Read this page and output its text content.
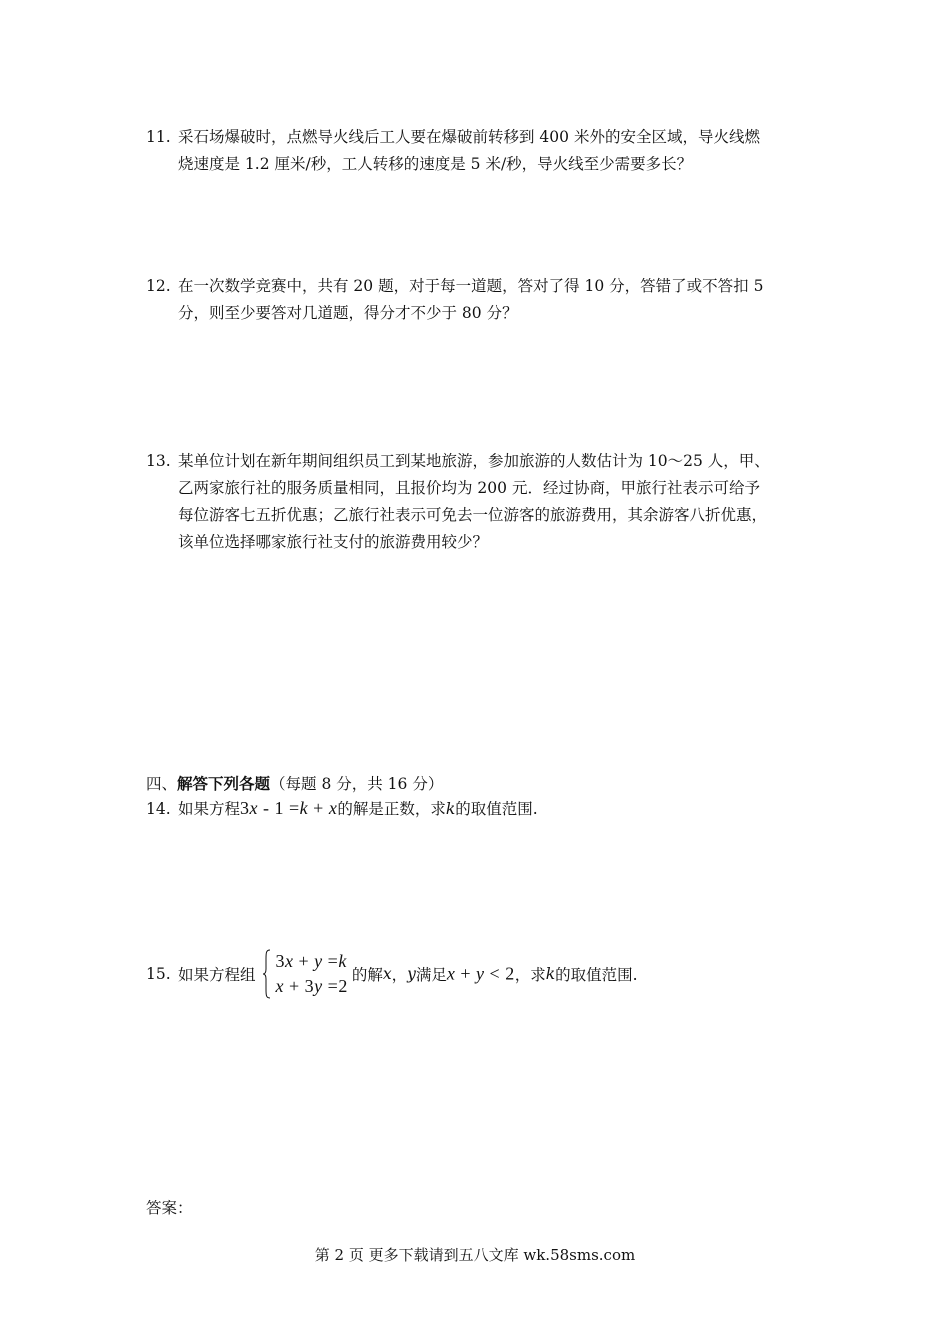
11. 采石场爆破时，点燃导火线后工人要在爆破前转移到 400 米外的安全区域，导火线燃
烧速度是 1.2 厘米/秒，工人转移的速度是 5 米/秒，导火线至少需要多长？
12. 在一次数学竞赛中，共有 20 题，对于每一道题，答对了得 10 分，答错了或不答扣 5
分，则至少要答对几道题，得分才不少于 80 分？
13. 某单位计划在新年期间组织员工到某地旅游，参加旅游的人数估计为 10～25 人，甲、
乙两家旅行社的服务质量相同，且报价均为 200 元．经过协商，甲旅行社表示可给予
每位游客七五折优惠；乙旅行社表示可免去一位游客的旅游费用，其余游客八折优惠，
该单位选择哪家旅行社支付的旅游费用较少？
四、解答下列各题（每题 8 分，共 16 分）
14. 如果方程3x - 1 =k + x的解是正数，求k的取值范围.
15. 如果方程组
3x + y =k
x + 3y =2
的解x，y满足x + y < 2，求k的取值范围.
答案：
第 2 页 更多下载请到五八文库 wk.58sms.com
